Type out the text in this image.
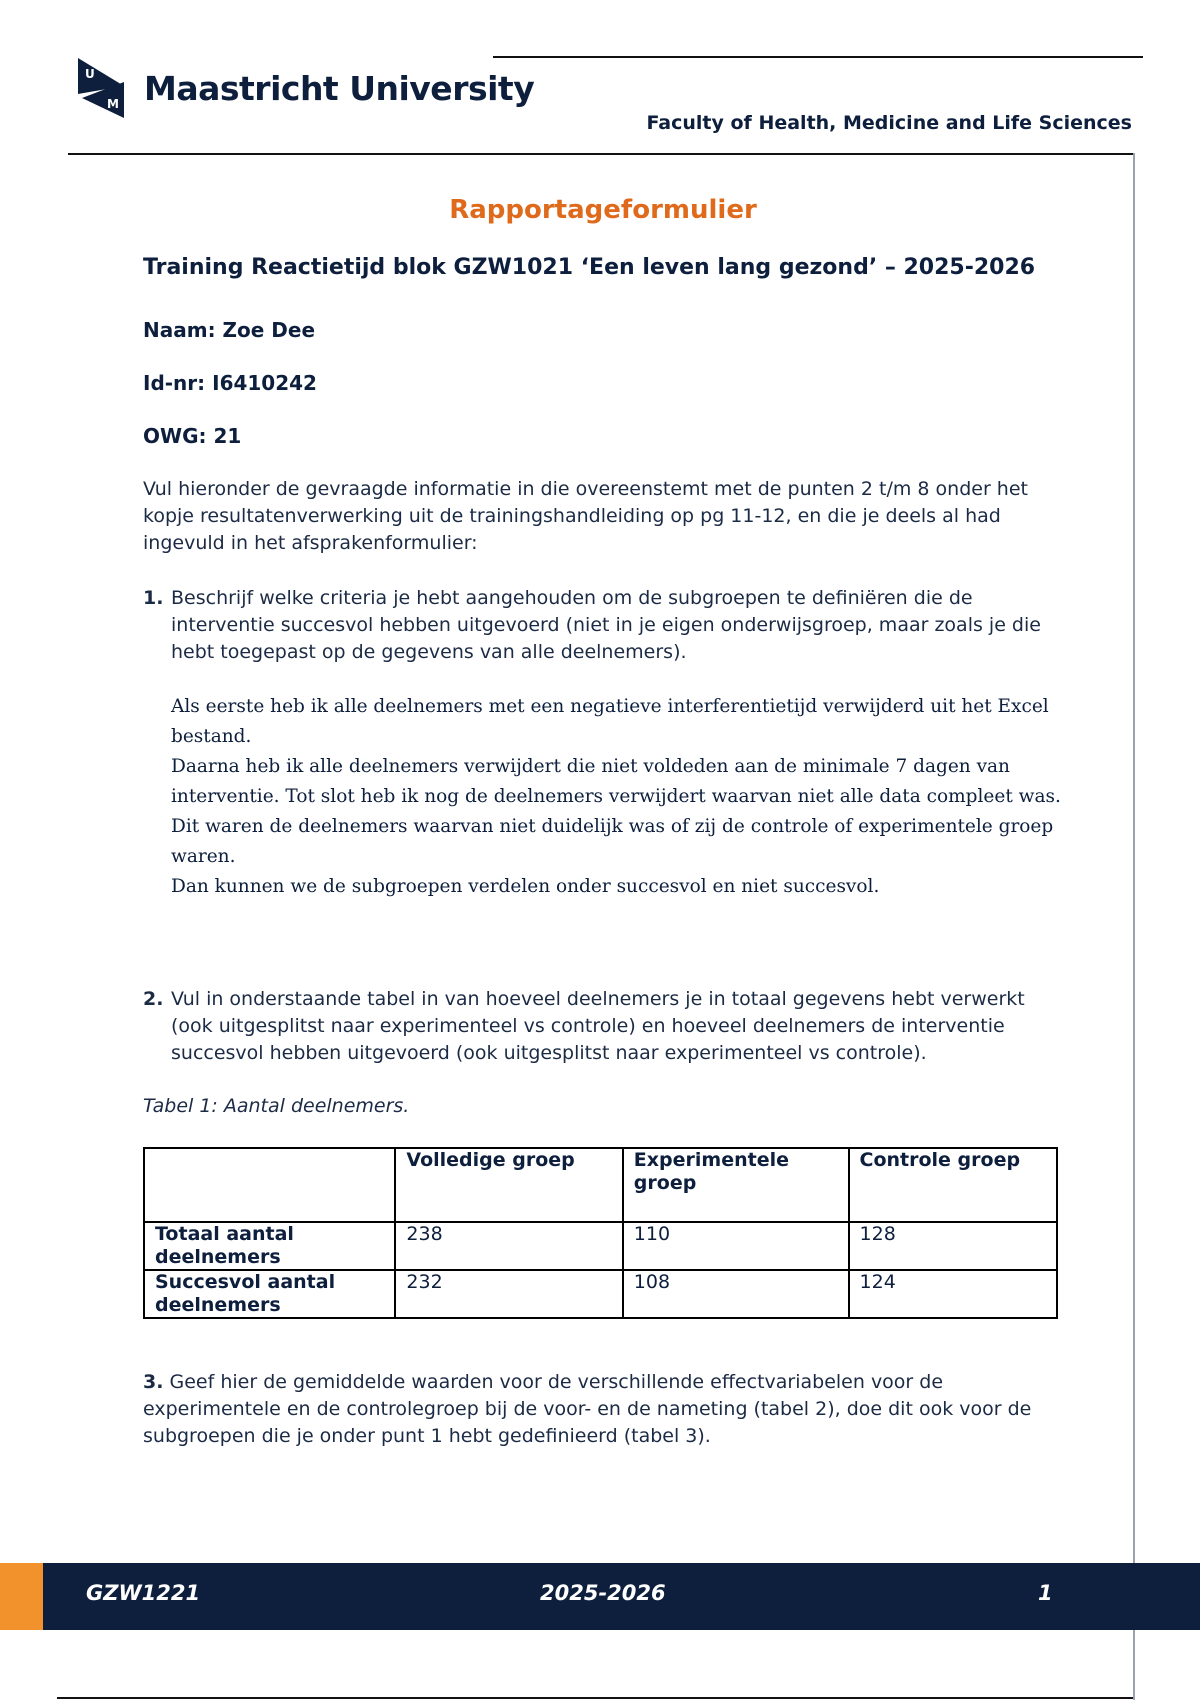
U
M Maastricht University
Faculty of Health, Medicine and Life Sciences
Rapportageformulier

Training Reactietijd blok GZW1021 ‘Een leven lang gezond’ – 2025-2026

Naam: Zoe Dee

Id-nr: I6410242

OWG: 21

Vul hieronder de gevraagde informatie in die overeenstemt met de punten 2 t/m 8 onder het kopje resultatenverwerking uit de trainingshandleiding op pg 11-12, en die je deels al had ingevuld in het afsprakenformulier:

1. Beschrijf welke criteria je hebt aangehouden om de subgroepen te definiëren die de interventie succesvol hebben uitgevoerd (niet in je eigen onderwijsgroep, maar zoals je die hebt toegepast op de gegevens van alle deelnemers).

Als eerste heb ik alle deelnemers met een negatieve interferentietijd verwijderd uit het Excel bestand.

Daarna heb ik alle deelnemers verwijdert die niet voldeden aan de minimale 7 dagen van interventie. Tot slot heb ik nog de deelnemers verwijdert waarvan niet alle data compleet was. Dit waren de deelnemers waarvan niet duidelijk was of zij de controle of experimentele groep waren.

Dan kunnen we de subgroepen verdelen onder succesvol en niet succesvol.

2. Vul in onderstaande tabel in van hoeveel deelnemers je in totaal gegevens hebt verwerkt (ook uitgesplitst naar experimenteel vs controle) en hoeveel deelnemers de interventie succesvol hebben uitgevoerd (ook uitgesplitst naar experimenteel vs controle).

Tabel 1: Aantal deelnemers.

	Volledige groep	Experimentele groep	Controle groep
Totaal aantal deelnemers	238	110	128
Succesvol aantal deelnemers	232	108	124

3. Geef hier de gemiddelde waarden voor de verschillende effectvariabelen voor de experimentele en de controlegroep bij de voor- en de nameting (tabel 2), doe dit ook voor de subgroepen die je onder punt 1 hebt gedefinieerd (tabel 3).

GZW1221	2025-2026	1
